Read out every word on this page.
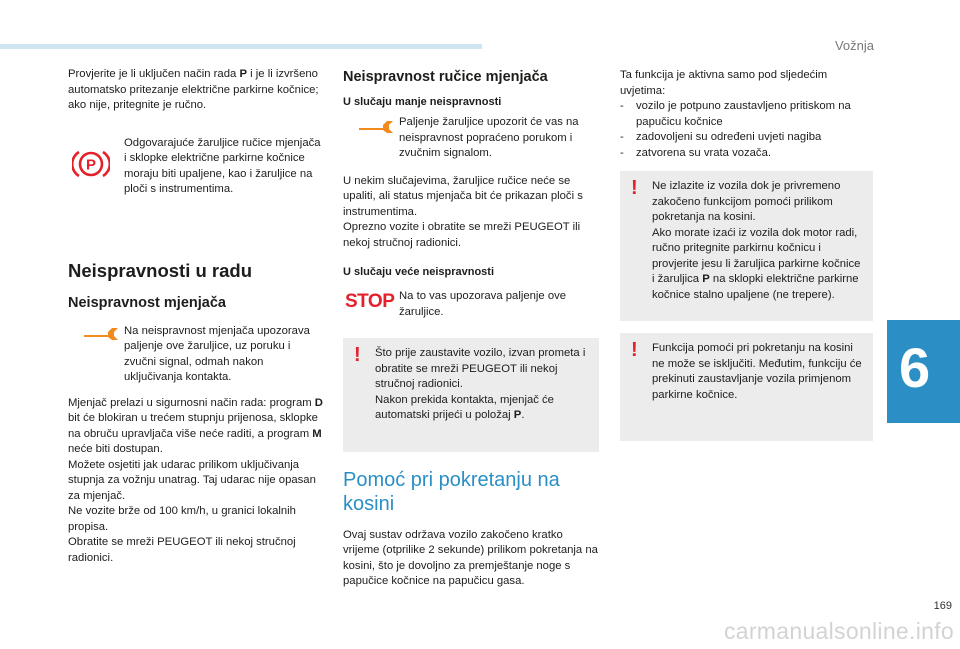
Vožnja
6
169
carmanualsonline.info

Provjerite je li uključen način rada P i je li izvršeno automatsko pritezanje električne parkirne kočnice; ako nije, pritegnite je ručno.

P

Odgovarajuće žaruljice ručice mjenjača i sklopke električne parkirne kočnice moraju biti upaljene, kao i žaruljice na ploči s instrumentima.

Neispravnosti u radu
Neispravnost mjenjača

Na neispravnost mjenjača upozorava paljenje ove žaruljice, uz poruku i zvučni signal, odmah nakon uključivanja kontakta.

Mjenjač prelazi u sigurnosni način rada: program D bit će blokiran u trećem stupnju prijenosa, sklopke na obruču upravljača više neće raditi, a program M neće biti dostupan.

Možete osjetiti jak udarac prilikom uključivanja stupnja za vožnju unatrag. Taj udarac nije opasan za mjenjač.

Ne vozite brže od 100 km/h, u granici lokalnih propisa.

Obratite se mreži PEUGEOT ili nekoj stručnoj radionici.

Neispravnost ručice mjenjača
U slučaju manje neispravnosti

Paljenje žaruljice upozorit će vas na neispravnost popraćeno porukom i zvučnim signalom.

U nekim slučajevima, žaruljice ručice neće se upaliti, ali status mjenjača bit će prikazan ploči s instrumentima.

Oprezno vozite i obratite se mreži PEUGEOT ili nekoj stručnoj radionici.

U slučaju veće neispravnosti
STOP Na to vas upozorava paljenje ove žaruljice.

! Što prije zaustavite vozilo, izvan prometa i obratite se mreži PEUGEOT ili nekoj stručnoj radionici.

Nakon prekida kontakta, mjenjač će automatski prijeći u položaj P.

Pomoć pri pokretanju na kosini

Ovaj sustav održava vozilo zakočeno kratko vrijeme (otprilike 2 sekunde) prilikom pokretanja na kosini, što je dovoljno za premještanje noge s papučice kočnice na papučicu gasa.

Ta funkcija je aktivna samo pod sljedećim uvjetima:

- vozilo je potpuno zaustavljeno pritiskom na papučicu kočnice
- zadovoljeni su određeni uvjeti nagiba
- zatvorena su vrata vozača.
! Ne izlazite iz vozila dok je privremeno zakočeno funkcijom pomoći prilikom pokretanja na kosini.

Ako morate izaći iz vozila dok motor radi, ručno pritegnite parkirnu kočnicu i provjerite jesu li žaruljica parkirne kočnice i žaruljica P na sklopki električne parkirne kočnice stalno upaljene (ne trepere).

! Funkcija pomoći pri pokretanju na kosini ne može se isključiti. Međutim, funkciju će prekinuti zaustavljanje vozila primjenom parkirne kočnice.
